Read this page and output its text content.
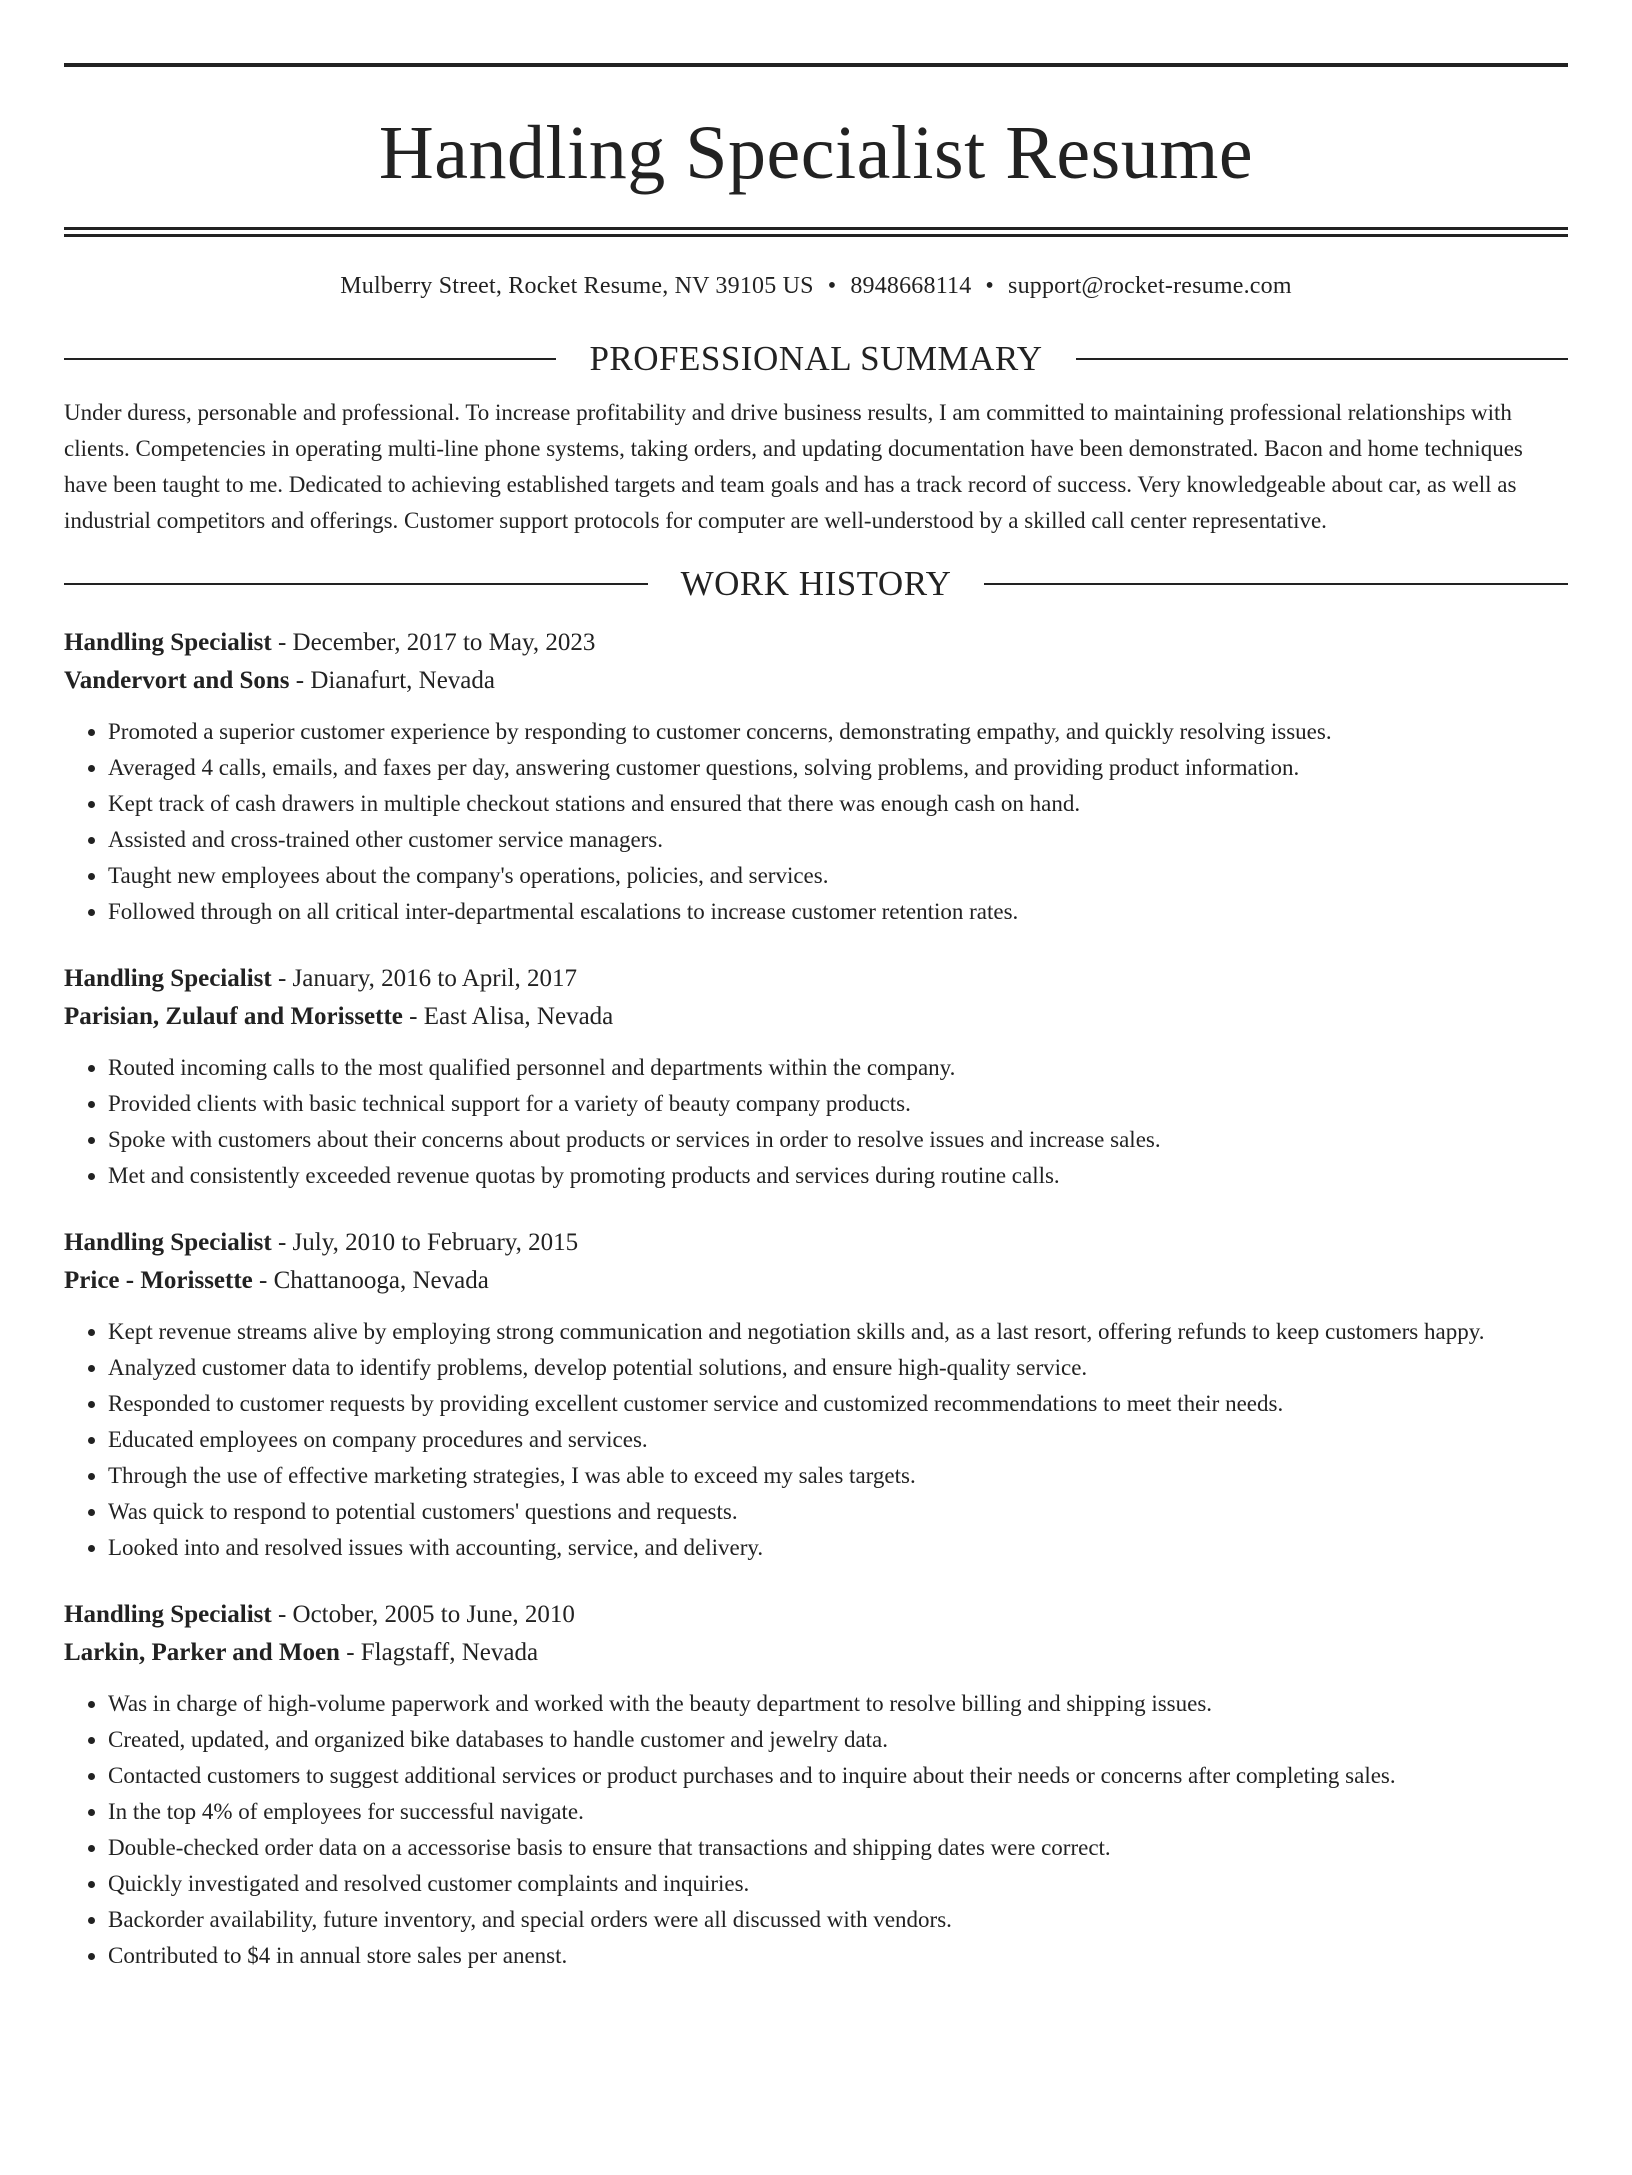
Handling Specialist Resume
Mulberry Street, Rocket Resume, NV 39105 US • 8948668114 • support@rocket-resume.com
PROFESSIONAL SUMMARY

Under duress, personable and professional. To increase profitability and drive business results, I am committed to maintaining professional relationships with clients. Competencies in operating multi-line phone systems, taking orders, and updating documentation have been demonstrated. Bacon and home techniques have been taught to me. Dedicated to achieving established targets and team goals and has a track record of success. Very knowledgeable about car, as well as industrial competitors and offerings. Customer support protocols for computer are well-understood by a skilled call center representative.

WORK HISTORY
Handling Specialist - December, 2017 to May, 2023
Vandervort and Sons - Dianafurt, Nevada
• Promoted a superior customer experience by responding to customer concerns, demonstrating empathy, and quickly resolving issues.
• Averaged 4 calls, emails, and faxes per day, answering customer questions, solving problems, and providing product information.
• Kept track of cash drawers in multiple checkout stations and ensured that there was enough cash on hand.
• Assisted and cross-trained other customer service managers.
• Taught new employees about the company's operations, policies, and services.
• Followed through on all critical inter-departmental escalations to increase customer retention rates.
Handling Specialist - January, 2016 to April, 2017
Parisian, Zulauf and Morissette - East Alisa, Nevada
• Routed incoming calls to the most qualified personnel and departments within the company.
• Provided clients with basic technical support for a variety of beauty company products.
• Spoke with customers about their concerns about products or services in order to resolve issues and increase sales.
• Met and consistently exceeded revenue quotas by promoting products and services during routine calls.
Handling Specialist - July, 2010 to February, 2015
Price - Morissette - Chattanooga, Nevada
• Kept revenue streams alive by employing strong communication and negotiation skills and, as a last resort, offering refunds to keep customers happy.
• Analyzed customer data to identify problems, develop potential solutions, and ensure high-quality service.
• Responded to customer requests by providing excellent customer service and customized recommendations to meet their needs.
• Educated employees on company procedures and services.
• Through the use of effective marketing strategies, I was able to exceed my sales targets.
• Was quick to respond to potential customers' questions and requests.
• Looked into and resolved issues with accounting, service, and delivery.
Handling Specialist - October, 2005 to June, 2010
Larkin, Parker and Moen - Flagstaff, Nevada
• Was in charge of high-volume paperwork and worked with the beauty department to resolve billing and shipping issues.
• Created, updated, and organized bike databases to handle customer and jewelry data.
• Contacted customers to suggest additional services or product purchases and to inquire about their needs or concerns after completing sales.
• In the top 4% of employees for successful navigate.
• Double-checked order data on a accessorise basis to ensure that transactions and shipping dates were correct.
• Quickly investigated and resolved customer complaints and inquiries.
• Backorder availability, future inventory, and special orders were all discussed with vendors.
• Contributed to $4 in annual store sales per anenst.
